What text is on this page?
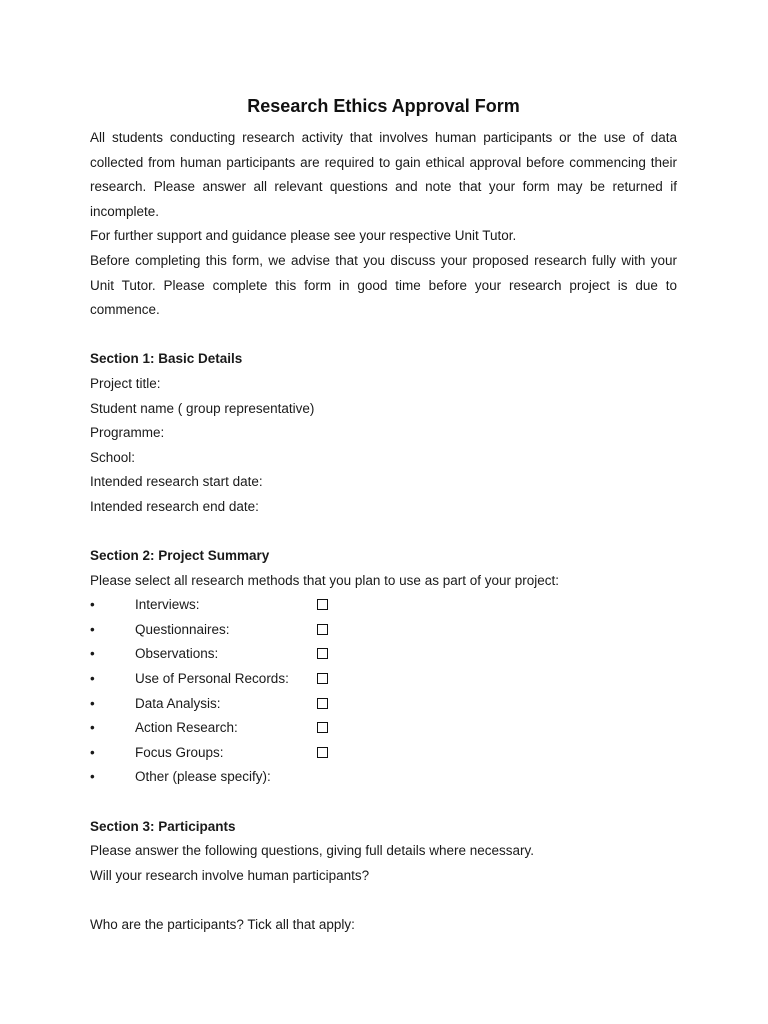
Research Ethics Approval Form

All students conducting research activity that involves human participants or the use of data collected from human participants are required to gain ethical approval before commencing their research. Please answer all relevant questions and note that your form may be returned if incomplete.

For further support and guidance please see your respective Unit Tutor.

Before completing this form, we advise that you discuss your proposed research fully with your Unit Tutor. Please complete this form in good time before your research project is due to commence.

Section 1: Basic Details
Project title:
Student name ( group representative)
Programme:
School:
Intended research start date:
Intended research end date:
Section 2: Project Summary
Please select all research methods that you plan to use as part of your project:
•	Interviews:
•	Questionnaires:
•	Observations:
•	Use of Personal Records:
•	Data Analysis:
•	Action Research:
•	Focus Groups:
•	Other (please specify):
Section 3: Participants
Please answer the following questions, giving full details where necessary.
Will your research involve human participants?
Who are the participants? Tick all that apply:
